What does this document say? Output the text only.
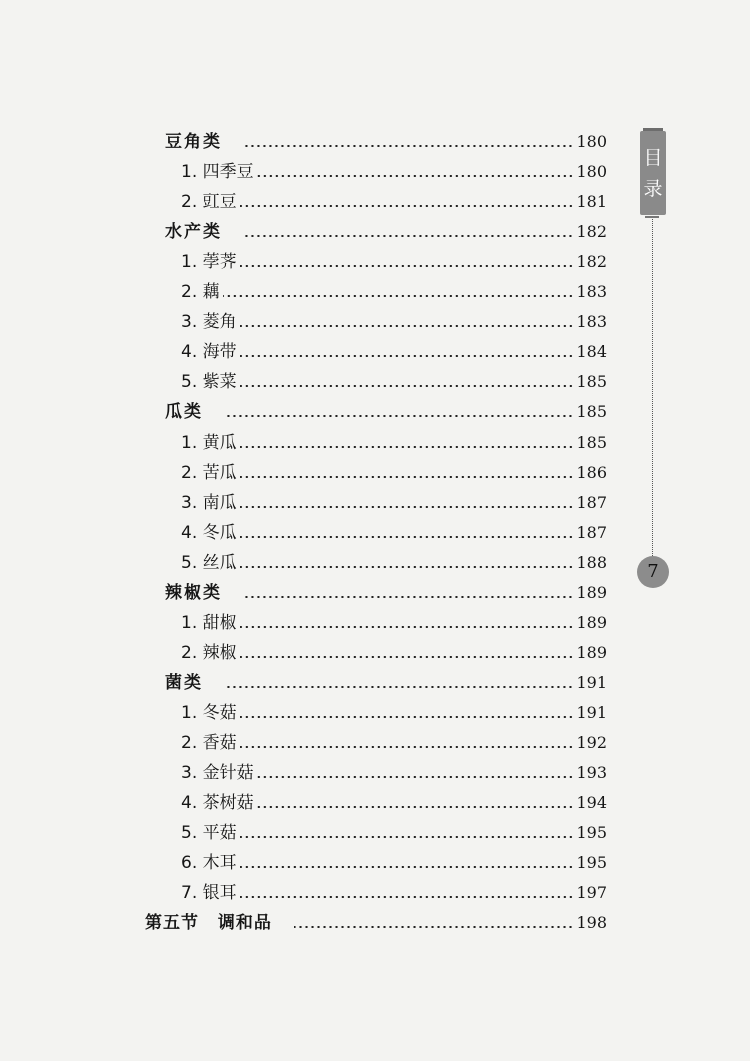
豆角类	180
1. 四季豆	180
2. 豇豆	181
水产类	182
1. 荸荠	182
2. 藕	183
3. 菱角	183
4. 海带	184
5. 紫菜	185
瓜类	185
1. 黄瓜	185
2. 苦瓜	186
3. 南瓜	187
4. 冬瓜	187
5. 丝瓜	188
辣椒类	189
1. 甜椒	189
2. 辣椒	189
菌类	191
1. 冬菇	191
2. 香菇	192
3. 金针菇	193
4. 茶树菇	194
5. 平菇	195
6. 木耳	195
7. 银耳	197
第五节 调和品	198
目
录
7
